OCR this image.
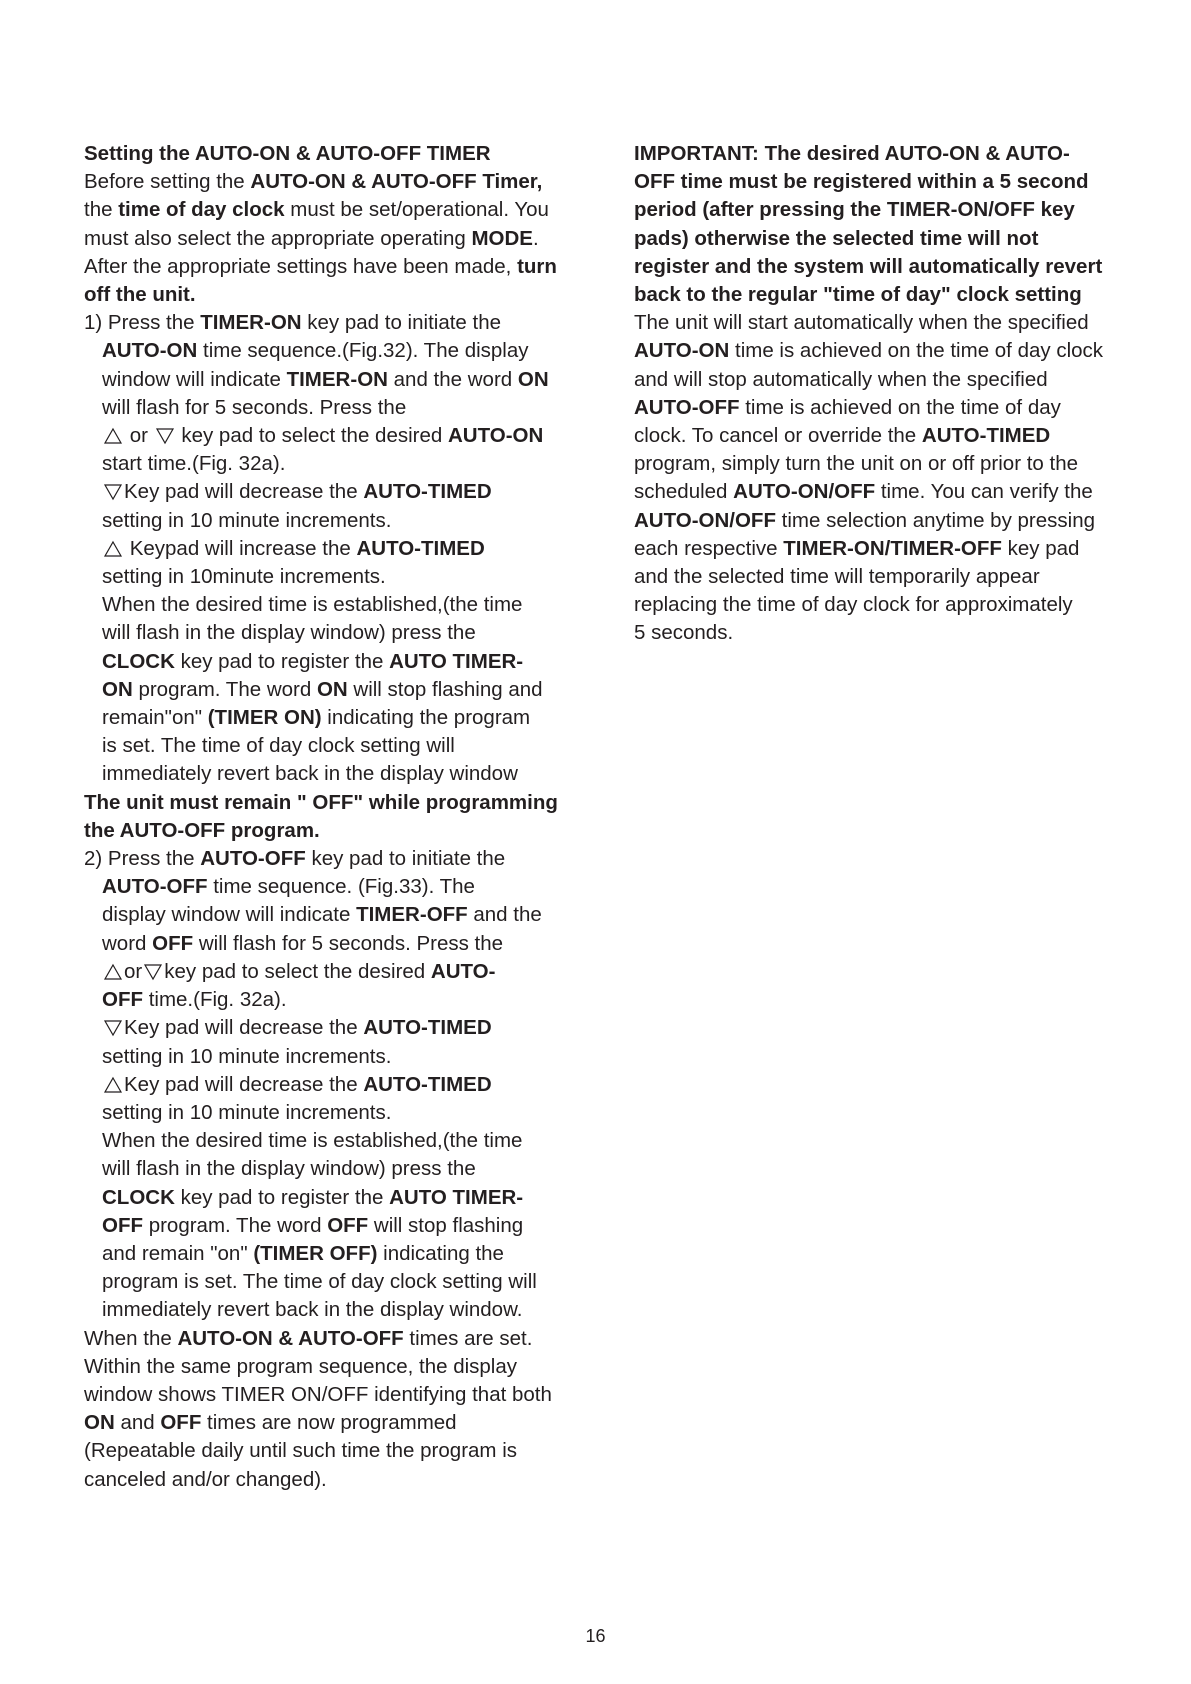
Setting the AUTO-ON & AUTO-OFF TIMER
Before setting the AUTO-ON & AUTO-OFF Timer,
the time of day clock must be set/operational. You
must also select the appropriate operating MODE.
After the appropriate settings have been made, turn
off the unit.
1) Press the TIMER-ON key pad to initiate the
AUTO-ON time sequence.(Fig.32). The display
window will indicate TIMER-ON and the word ON
will flash for 5 seconds. Press the
or
key pad to select the desired AUTO-ON
start time.(Fig. 32a).
Key pad will decrease the AUTO-TIMED
setting in 10 minute increments.
Keypad will increase the AUTO-TIMED
setting in 10minute increments.
When the desired time is established,(the time
will flash in the display window) press the
CLOCK key pad to register the AUTO TIMER-
ON program. The word ON will stop flashing and
remain"on" (TIMER ON) indicating the program
is set. The time of day clock setting will
immediately revert back in the display window
The unit must remain " OFF" while programming
the AUTO-OFF program.
2) Press the AUTO-OFF key pad to initiate the
AUTO-OFF time sequence. (Fig.33). The
display window will indicate TIMER-OFF and the
word OFF will flash for 5 seconds. Press the
or key pad to select the desired AUTO-
OFF time.(Fig. 32a).
Key pad will decrease the AUTO-TIMED
setting in 10 minute increments.
Key pad will decrease the AUTO-TIMED
setting in 10 minute increments.
When the desired time is established,(the time
will flash in the display window) press the
CLOCK key pad to register the AUTO TIMER-
OFF program. The word OFF will stop flashing
and remain "on" (TIMER OFF) indicating the
program is set. The time of day clock setting will
immediately revert back in the display window.
When the AUTO-ON & AUTO-OFF times are set.
Within the same program sequence, the display
window shows TIMER ON/OFF identifying that both
ON and OFF times are now programmed
(Repeatable daily until such time the program is
canceled and/or changed).
IMPORTANT: The desired AUTO-ON & AUTO-
OFF time must be registered within a 5 second
period (after pressing the TIMER-ON/OFF key
pads) otherwise the selected time will not
register and the system will automatically revert
back to the regular "time of day" clock setting
The unit will start automatically when the specified
AUTO-ON time is achieved on the time of day clock
and will stop automatically when the specified
AUTO-OFF time is achieved on the time of day
clock. To cancel or override the AUTO-TIMED
program, simply turn the unit on or off prior to the
scheduled AUTO-ON/OFF time. You can verify the
AUTO-ON/OFF time selection anytime by pressing
each respective TIMER-ON/TIMER-OFF key pad
and the selected time will temporarily appear
replacing the time of day clock for approximately
5 seconds.
16
